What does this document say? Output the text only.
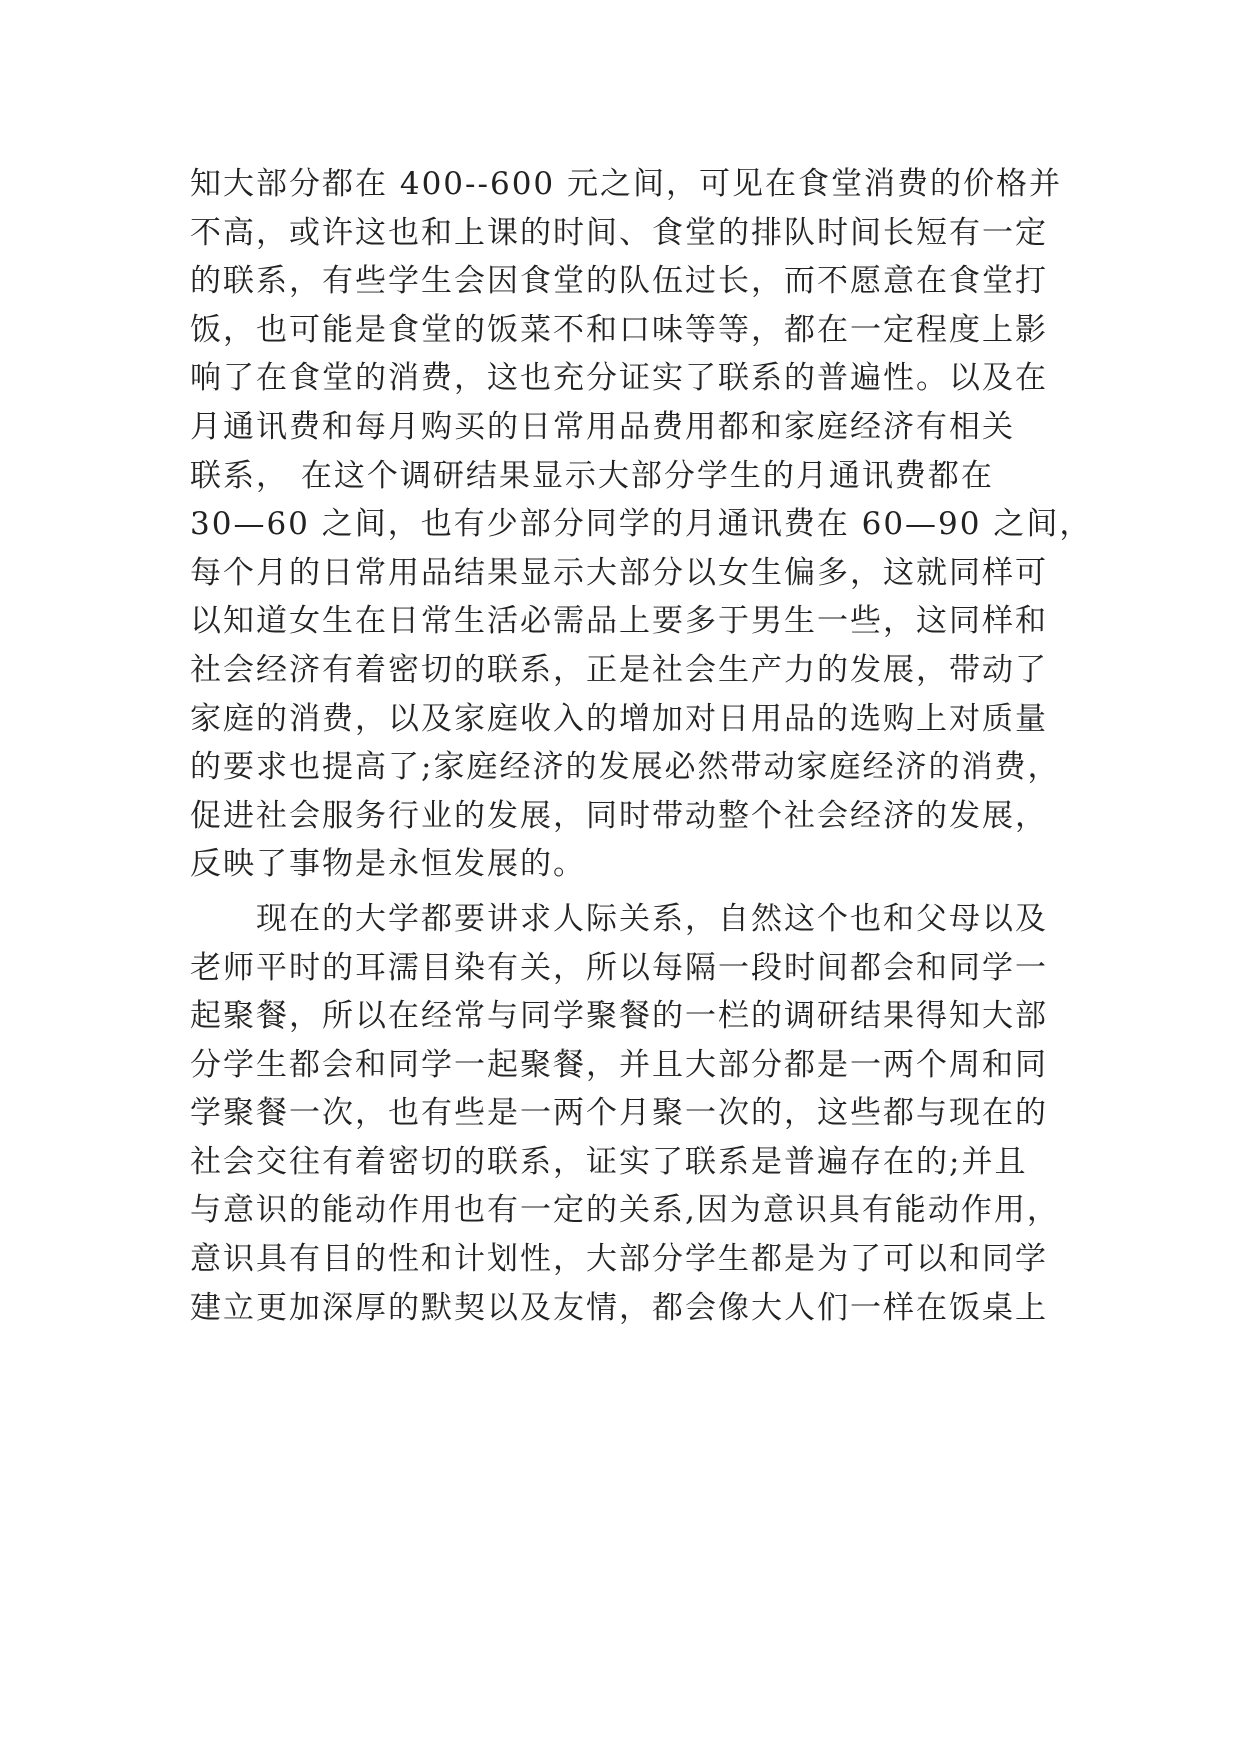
知大部分都在 400--600 元之间，可见在食堂消费的价格并
不高，或许这也和上课的时间、食堂的排队时间长短有一定
的联系，有些学生会因食堂的队伍过长，而不愿意在食堂打
饭，也可能是食堂的饭菜不和口味等等，都在一定程度上影
响了在食堂的消费，这也充分证实了联系的普遍性。以及在
月通讯费和每月购买的日常用品费用都和家庭经济有相关
联系， 在这个调研结果显示大部分学生的月通讯费都在
30—60 之间，也有少部分同学的月通讯费在 60—90 之间，
每个月的日常用品结果显示大部分以女生偏多，这就同样可
以知道女生在日常生活必需品上要多于男生一些，这同样和
社会经济有着密切的联系，正是社会生产力的发展，带动了
家庭的消费，以及家庭收入的增加对日用品的选购上对质量
的要求也提高了;家庭经济的发展必然带动家庭经济的消费，
促进社会服务行业的发展，同时带动整个社会经济的发展，
反映了事物是永恒发展的。
现在的大学都要讲求人际关系，自然这个也和父母以及
老师平时的耳濡目染有关，所以每隔一段时间都会和同学一
起聚餐，所以在经常与同学聚餐的一栏的调研结果得知大部
分学生都会和同学一起聚餐，并且大部分都是一两个周和同
学聚餐一次，也有些是一两个月聚一次的，这些都与现在的
社会交往有着密切的联系，证实了联系是普遍存在的;并且
与意识的能动作用也有一定的关系,因为意识具有能动作用，
意识具有目的性和计划性，大部分学生都是为了可以和同学
建立更加深厚的默契以及友情，都会像大人们一样在饭桌上
